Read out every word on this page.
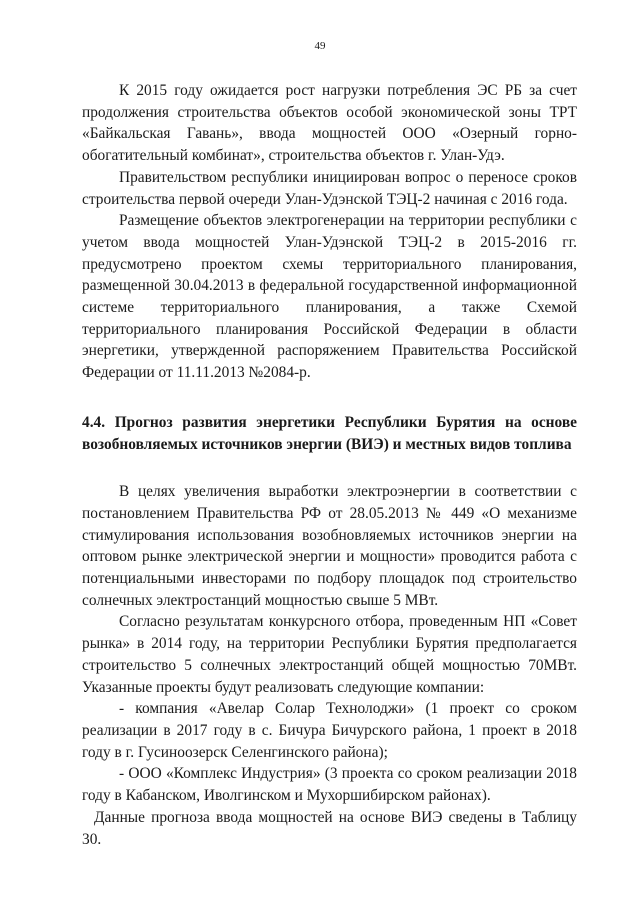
49

К 2015 году ожидается рост нагрузки потребления ЭС РБ за счет продолжения строительства объектов особой экономической зоны ТРТ «Байкальская Гавань», ввода мощностей ООО «Озерный горно-обогатительный комбинат», строительства объектов г. Улан-Удэ.

Правительством республики инициирован вопрос о переносе сроков строительства первой очереди Улан-Удэнской ТЭЦ-2 начиная с 2016 года.

Размещение объектов электрогенерации на территории республики с учетом ввода мощностей Улан-Удэнской ТЭЦ-2 в 2015-2016 гг. предусмотрено проектом схемы территориального планирования, размещенной 30.04.2013 в федеральной государственной информационной системе территориального планирования, а также Схемой территориального планирования Российской Федерации в области энергетики, утвержденной распоряжением Правительства Российской Федерации от 11.11.2013 №2084-р.

4.4. Прогноз развития энергетики Республики Бурятия на основе возобновляемых источников энергии (ВИЭ) и местных видов топлива

В целях увеличения выработки электроэнергии в соответствии с постановлением Правительства РФ от 28.05.2013 № 449 «О механизме стимулирования использования возобновляемых источников энергии на оптовом рынке электрической энергии и мощности» проводится работа с потенциальными инвесторами по подбору площадок под строительство солнечных электростанций мощностью свыше 5 МВт.

Согласно результатам конкурсного отбора, проведенным НП «Совет рынка» в 2014 году, на территории Республики Бурятия предполагается строительство 5 солнечных электростанций общей мощностью 70МВт. Указанные проекты будут реализовать следующие компании:

- компания «Авелар Солар Технолоджи» (1 проект со сроком реализации в 2017 году в с. Бичура Бичурского района, 1 проект в 2018 году в г. Гусиноозерск Селенгинского района);

- ООО «Комплекс Индустрия» (3 проекта со сроком реализации 2018 году в Кабанском, Иволгинском и Мухоршибирском районах).

Данные прогноза ввода мощностей на основе ВИЭ сведены в Таблицу 30.
